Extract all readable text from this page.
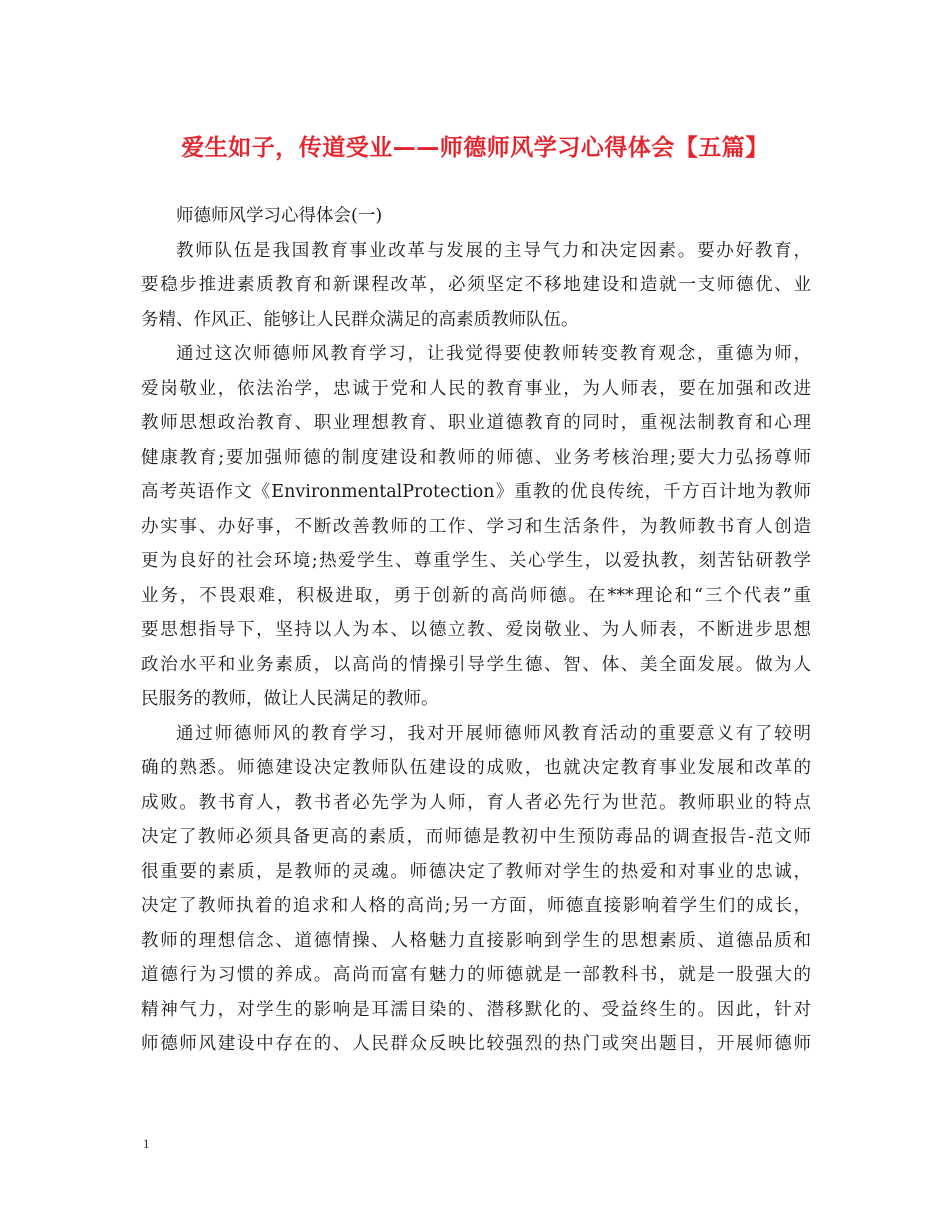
爱生如子，传道受业——师德师风学习心得体会【五篇】
师德师风学习心得体会(一)
教师队伍是我国教育事业改革与发展的主导气力和决定因素。要办好教育，
要稳步推进素质教育和新课程改革，必须坚定不移地建设和造就一支师德优、业
务精、作风正、能够让人民群众满足的高素质教师队伍。
通过这次师德师风教育学习，让我觉得要使教师转变教育观念，重德为师，
爱岗敬业，依法治学，忠诚于党和人民的教育事业，为人师表，要在加强和改进
教师思想政治教育、职业理想教育、职业道德教育的同时，重视法制教育和心理
健康教育;要加强师德的制度建设和教师的师德、业务考核治理;要大力弘扬尊师
高考英语作文《EnvironmentalProtection》重教的优良传统，千方百计地为教师
办实事、办好事，不断改善教师的工作、学习和生活条件，为教师教书育人创造
更为良好的社会环境;热爱学生、尊重学生、关心学生，以爱执教，刻苦钻研教学
业务，不畏艰难，积极进取，勇于创新的高尚师德。在***理论和“三个代表”重
要思想指导下，坚持以人为本、以德立教、爱岗敬业、为人师表，不断进步思想
政治水平和业务素质，以高尚的情操引导学生德、智、体、美全面发展。做为人
民服务的教师，做让人民满足的教师。
通过师德师风的教育学习，我对开展师德师风教育活动的重要意义有了较明
确的熟悉。师德建设决定教师队伍建设的成败，也就决定教育事业发展和改革的
成败。教书育人，教书者必先学为人师，育人者必先行为世范。教师职业的特点
决定了教师必须具备更高的素质，而师德是教初中生预防毒品的调查报告-范文师
很重要的素质，是教师的灵魂。师德决定了教师对学生的热爱和对事业的忠诚，
决定了教师执着的追求和人格的高尚;另一方面，师德直接影响着学生们的成长，
教师的理想信念、道德情操、人格魅力直接影响到学生的思想素质、道德品质和
道德行为习惯的养成。高尚而富有魅力的师德就是一部教科书，就是一股强大的
精神气力，对学生的影响是耳濡目染的、潜移默化的、受益终生的。因此，针对
师德师风建设中存在的、人民群众反映比较强烈的热门或突出题目，开展师德师
1
